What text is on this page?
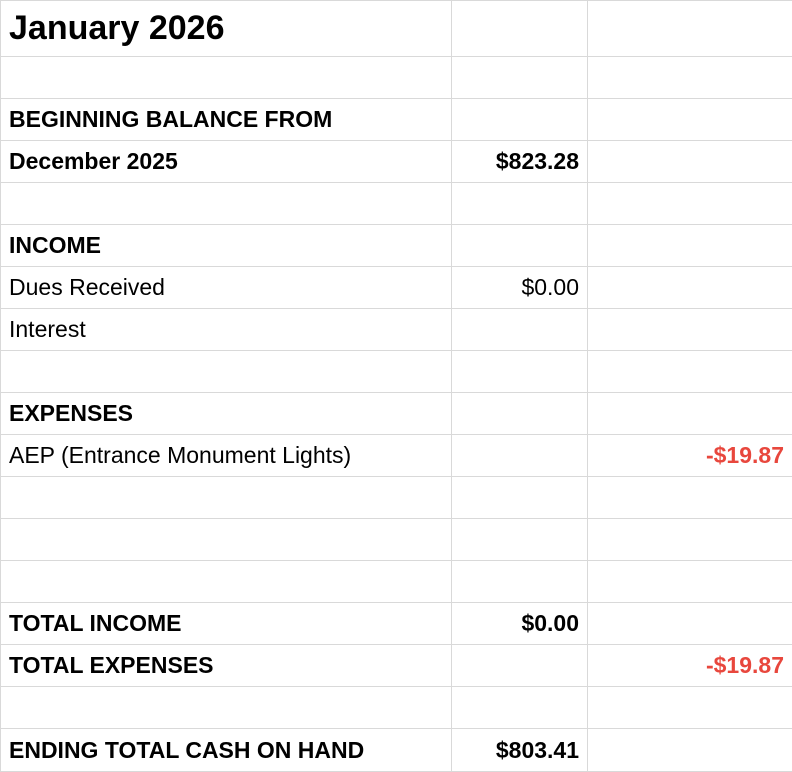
January 2026		

BEGINNING BALANCE FROM		
December 2025	$823.28	

INCOME		
Dues Received	$0.00	
Interest		

EXPENSES		
AEP (Entrance Monument Lights)		-$19.87

TOTAL INCOME	$0.00	
TOTAL EXPENSES		-$19.87

ENDING TOTAL CASH ON HAND	$803.41	
